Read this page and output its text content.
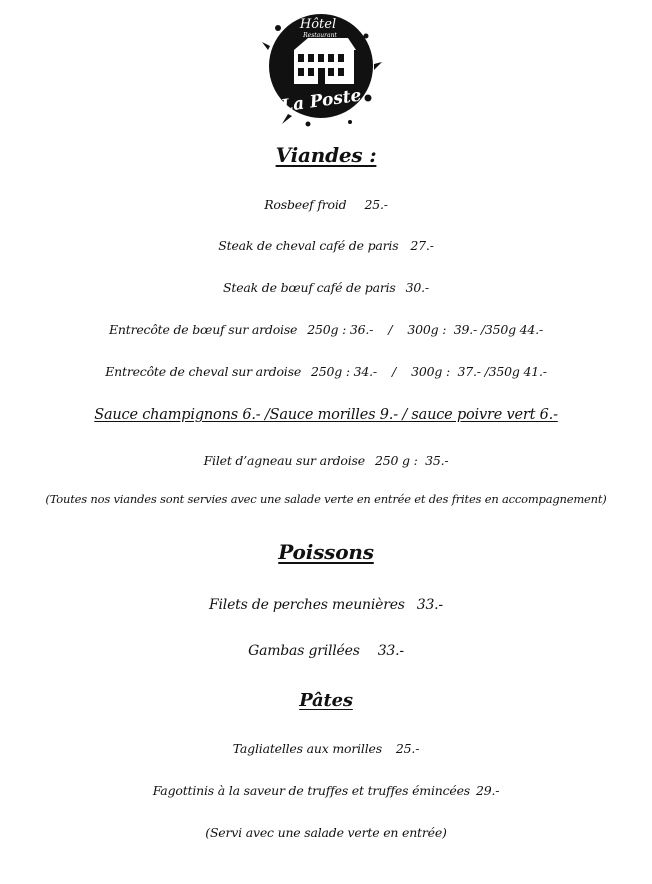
Hôtel
Restaurant
La Poste
Viandes :
Rosbeef froid 25.-
Steak de cheval café de paris 27.-
Steak de bœuf café de paris 30.-
Entrecôte de bœuf sur ardoise 250g : 36.-    /    300g :  39.- /350g 44.-
Entrecôte de cheval sur ardoise 250g : 34.-    /    300g :  37.- /350g 41.-
Sauce champignons 6.- /Sauce morilles 9.- / sauce poivre vert 6.-
Filet d’agneau sur ardoise 250 g :  35.-
(Toutes nos viandes sont servies avec une salade verte en entrée et des frites en accompagnement)
Poissons
Filets de perches meunières 33.-
Gambas grillées 33.-
Pâtes
Tagliatelles aux morilles 25.-
Fagottinis à la saveur de truffes et truffes émincées 29.-
(Servi avec une salade verte en entrée)
